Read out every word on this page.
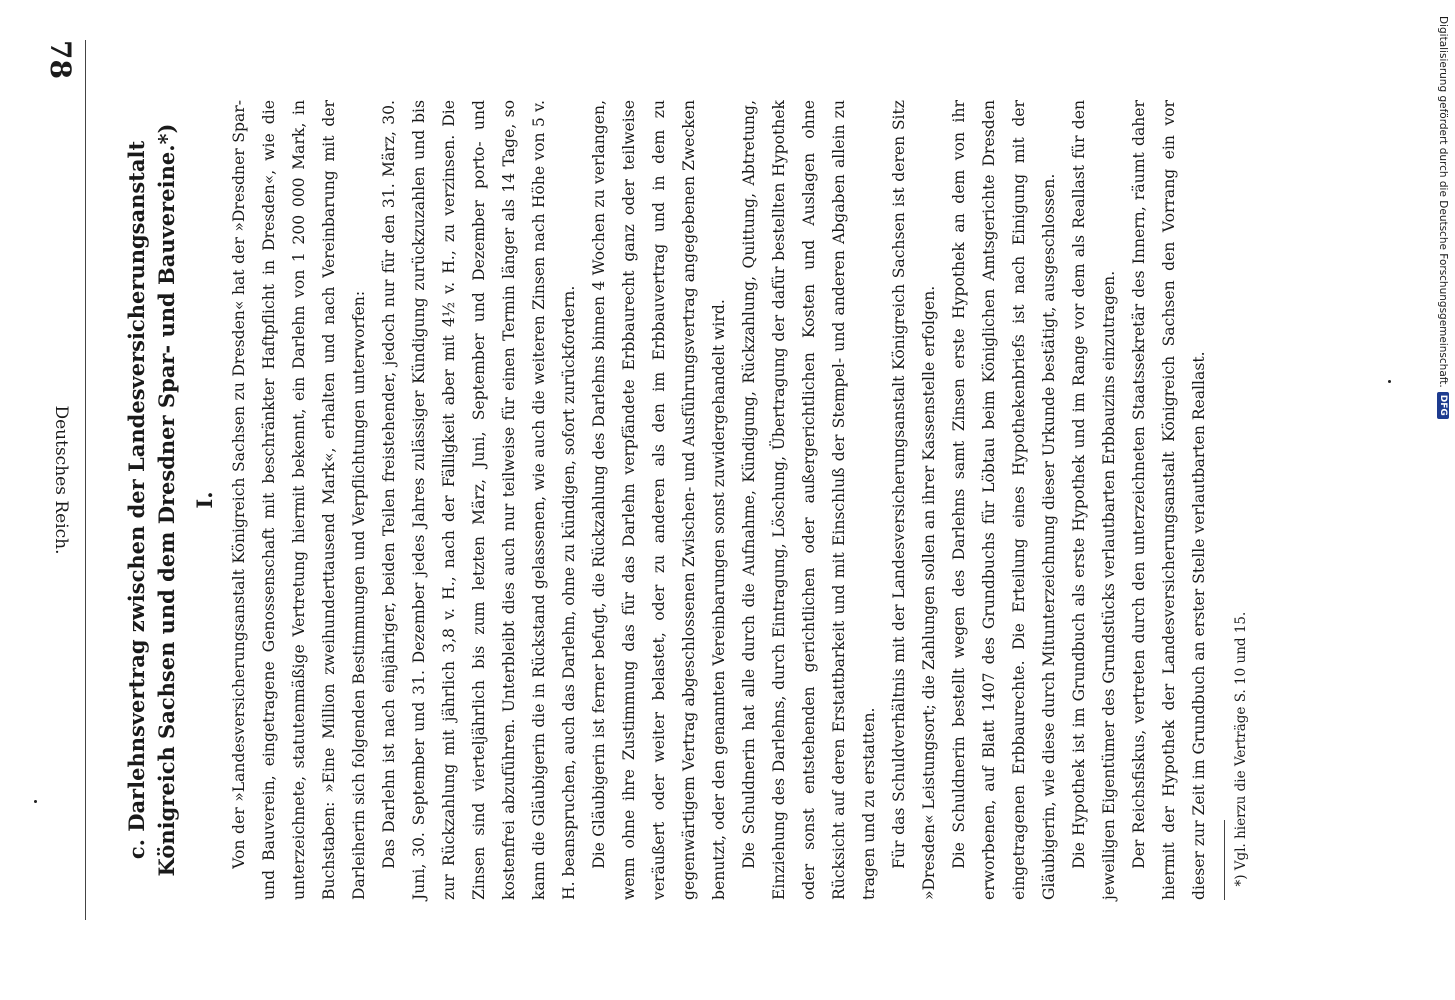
Digitalisierung gefördert durch die Deutsche Forschungsgemeinschaft.
DFG
c. Darlehnsvertrag zwischen der Landesversicherungsanstalt Königreich Sachsen und dem Dresdner Spar- und Bauvereine.*) I. Von der »Landesversicherungsanstalt Königreich Sachsen zu Dresden« hat der »Dresdner Spar- und Bauverein, eingetragene Genossenschaft mit beschränkter Haftpflicht in Dresden«, wie die unterzeichnete, statutenmäßige Vertretung hiermit bekennt, ein Darlehn von 1 200 000 Mark, in Buchstaben: »Eine Million zweihunderttausend Mark«, erhalten und nach Vereinbarung mit der Darleiherin sich folgenden Bestimmungen und Verpflichtungen unterworfen: Das Darlehn ist nach einjähriger, beiden Teilen freistehender, jedoch nur für den 31. März, 30. Juni, 30. September und 31. Dezember jedes Jahres zulässiger Kündigung zurückzuzahlen und bis zur Rückzahlung mit jährlich 3,8 v. H., nach der Fälligkeit aber mit 4½ v. H., zu verzinsen. Die Zinsen sind vierteljährlich bis zum letzten März, Juni, September und Dezember porto- und kostenfrei abzuführen. Unterbleibt dies auch nur teilweise für einen Termin länger als 14 Tage, so kann die Gläubigerin die in Rückstand gelassenen, wie auch die weiteren Zinsen nach Höhe von 5 v. H. beanspruchen, auch das Darlehn, ohne zu kündigen, sofort zurückfordern. Die Gläubigerin ist ferner befugt, die Rückzahlung des Darlehns binnen 4 Wochen zu verlangen, wenn ohne ihre Zustimmung das für das Darlehn verpfändete Erbbaurecht ganz oder teilweise veräußert oder weiter belastet, oder zu anderen als den im Erbbauvertrag und in dem zu gegenwärtigem Vertrag abgeschlossenen Zwischen- und Ausführungsvertrag angegebenen Zwecken benutzt, oder den genannten Vereinbarungen sonst zuwidergehandelt wird. Die Schuldnerin hat alle durch die Aufnahme, Kündigung, Rückzahlung, Quittung, Abtretung, Einziehung des Darlehns, durch Eintragung, Löschung, Übertragung der dafür bestellten Hypothek oder sonst entstehenden gerichtlichen oder außergerichtlichen Kosten und Auslagen ohne Rücksicht auf deren Erstattbarkeit und mit Einschluß der Stempel- und anderen Abgaben allein zu tragen und zu erstatten. Für das Schuldverhältnis mit der Landesversicherungsanstalt Königreich Sachsen ist deren Sitz »Dresden« Leistungsort; die Zahlungen sollen an ihrer Kassenstelle erfolgen. Die Schuldnerin bestellt wegen des Darlehns samt Zinsen erste Hypothek an dem von ihr erworbenen, auf Blatt 1407 des Grundbuchs für Löbtau beim Königlichen Amtsgerichte Dresden eingetragenen Erbbaurechte. Die Erteilung eines Hypothekenbriefs ist nach Einigung mit der Gläubigerin, wie diese durch Mitunterzeichnung dieser Urkunde bestätigt, ausgeschlossen. Die Hypothek ist im Grundbuch als erste Hypothek und im Range vor dem als Reallast für den jeweiligen Eigentümer des Grundstücks verlautbarten Erbbauzins einzutragen. Der Reichsfiskus, vertreten durch den unterzeichneten Staatssekretär des Innern, räumt daher hiermit der Hypothek der Landesversicherungsanstalt Königreich Sachsen den Vorrang ein vor dieser zur Zeit im Grundbuch an erster Stelle verlautbarten Reallast.	*) Vgl. hierzu die Verträge S. 10 und 15.
78
Deutsches Reich.
